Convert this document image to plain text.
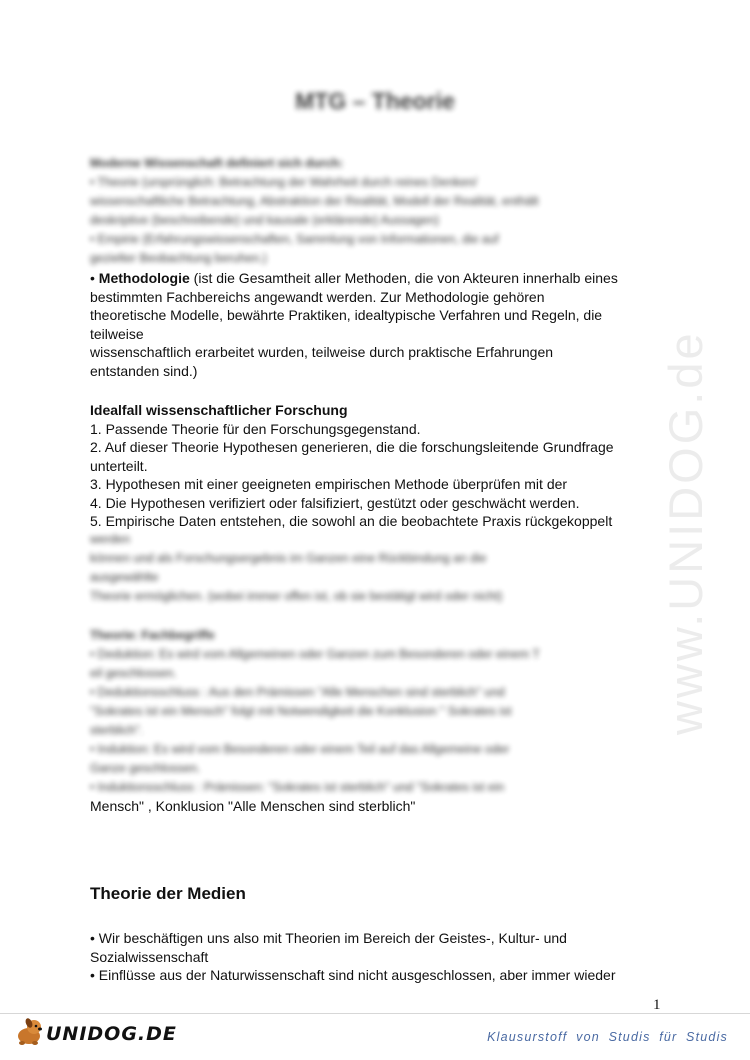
MTG – Theorie
Moderne Wissenschaft definiert sich durch:
• Theorie (ursprünglich: Betrachtung der Wahrheit durch reines Denken/
wissenschaftliche Betrachtung, Abstraktion der Realität, Modell der Realität, enthält
deskriptive (beschreibende) und kausale (erklärende) Aussagen)
• Empirie (Erfahrungswissenschaften, Sammlung von Informationen, die auf
gezielter Beobachtung beruhen.)
• Methodologie (ist die Gesamtheit aller Methoden, die von Akteuren innerhalb eines
bestimmten Fachbereichs angewandt werden. Zur Methodologie gehören
theoretische Modelle, bewährte Praktiken, idealtypische Verfahren und Regeln, die
teilweise
wissenschaftlich erarbeitet wurden, teilweise durch praktische Erfahrungen
entstanden sind.)
Idealfall wissenschaftlicher Forschung
1. Passende Theorie für den Forschungsgegenstand.
2. Auf dieser Theorie Hypothesen generieren, die die forschungsleitende Grundfrage
unterteilt.
3. Hypothesen mit einer geeigneten empirischen Methode überprüfen mit der
4. Die Hypothesen verifiziert oder falsifiziert, gestützt oder geschwächt werden.
5. Empirische Daten entstehen, die sowohl an die beobachtete Praxis rückgekoppelt
werden
können und als Forschungsergebnis im Ganzen eine Rückbindung an die
ausgewählte
Theorie ermöglichen. (wobei immer offen ist, ob sie bestätigt wird oder nicht)
Theorie: Fachbegriffe
• Deduktion: Es wird vom Allgemeinen oder Ganzen zum Besonderen oder einem T
eil geschlossen.
• Deduktionsschluss : Aus den Prämissen "Alle Menschen sind sterblich" und
"Sokrates ist ein Mensch" folgt mit Notwendigkeit die Konklusion " Sokrates ist
sterblich".
• Induktion: Es wird vom Besonderen oder einem Teil auf das Allgemeine oder
Ganze geschlossen.
• Induktionsschluss : Prämissen: "Sokrates ist sterblich" und "Sokrates ist ein
Mensch" , Konklusion "Alle Menschen sind sterblich"
Theorie der Medien
• Wir beschäftigen uns also mit Theorien im Bereich der Geistes-, Kultur- und
Sozialwissenschaft
• Einflüsse aus der Naturwissenschaft sind nicht ausgeschlossen, aber immer wieder
www.UNIDOG.de
1
UNIDOG.DE	Klausurstoff von Studis für Studis
